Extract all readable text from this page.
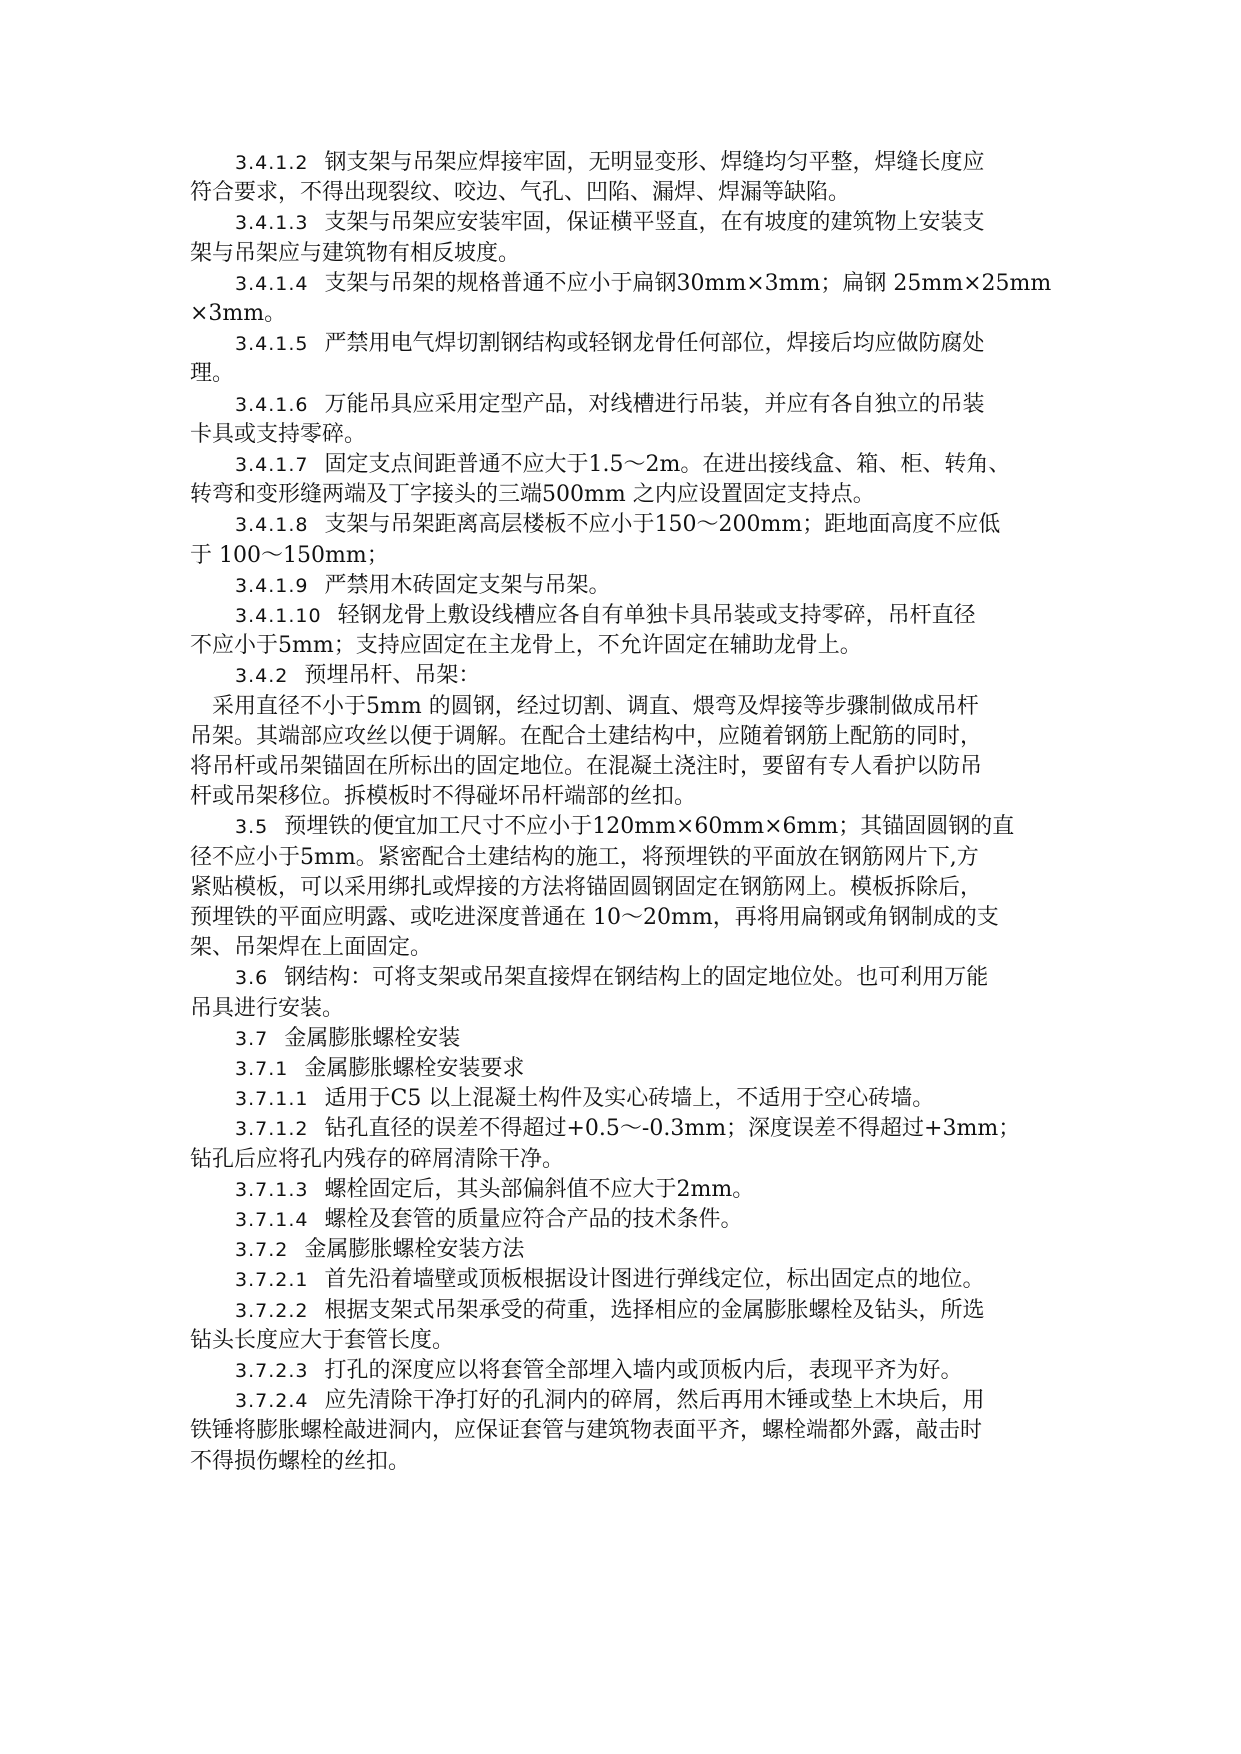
3.4.1.2 钢支架与吊架应焊接牢固，无明显变形、焊缝均匀平整，焊缝长度应
符合要求，不得出现裂纹、咬边、气孔、凹陷、漏焊、焊漏等缺陷。
3.4.1.3 支架与吊架应安装牢固，保证横平竖直，在有坡度的建筑物上安装支
架与吊架应与建筑物有相反坡度。
3.4.1.4 支架与吊架的规格普通不应小于扁钢30mm×3mm；扁钢 25mm×25mm
×3mm。
3.4.1.5 严禁用电气焊切割钢结构或轻钢龙骨任何部位，焊接后均应做防腐处
理。
3.4.1.6 万能吊具应采用定型产品，对线槽进行吊装，并应有各自独立的吊装
卡具或支持零碎。
3.4.1.7 固定支点间距普通不应大于1.5～2m。在进出接线盒、箱、柜、转角、
转弯和变形缝两端及丁字接头的三端500mm 之内应设置固定支持点。
3.4.1.8 支架与吊架距离高层楼板不应小于150～200mm；距地面高度不应低
于 100～150mm；
3.4.1.9 严禁用木砖固定支架与吊架。
3.4.1.10 轻钢龙骨上敷设线槽应各自有单独卡具吊装或支持零碎，吊杆直径
不应小于5mm；支持应固定在主龙骨上，不允许固定在辅助龙骨上。
3.4.2 预埋吊杆、吊架：
　采用直径不小于5mm 的圆钢，经过切割、调直、煨弯及焊接等步骤制做成吊杆
吊架。其端部应攻丝以便于调解。在配合土建结构中，应随着钢筋上配筋的同时，
将吊杆或吊架锚固在所标出的固定地位。在混凝土浇注时，要留有专人看护以防吊
杆或吊架移位。拆模板时不得碰坏吊杆端部的丝扣。
3.5 预埋铁的便宜加工尺寸不应小于120mm×60mm×6mm；其锚固圆钢的直
径不应小于5mm。紧密配合土建结构的施工，将预埋铁的平面放在钢筋网片下,方
紧贴模板，可以采用绑扎或焊接的方法将锚固圆钢固定在钢筋网上。模板拆除后，
预埋铁的平面应明露、或吃进深度普通在 10～20mm，再将用扁钢或角钢制成的支
架、吊架焊在上面固定。
3.6 钢结构：可将支架或吊架直接焊在钢结构上的固定地位处。也可利用万能
吊具进行安装。
3.7 金属膨胀螺栓安装
3.7.1 金属膨胀螺栓安装要求
3.7.1.1 适用于C5 以上混凝土构件及实心砖墙上，不适用于空心砖墙。
3.7.1.2 钻孔直径的误差不得超过+0.5～-0.3mm；深度误差不得超过+3mm；
钻孔后应将孔内残存的碎屑清除干净。
3.7.1.3 螺栓固定后，其头部偏斜值不应大于2mm。
3.7.1.4 螺栓及套管的质量应符合产品的技术条件。
3.7.2 金属膨胀螺栓安装方法
3.7.2.1 首先沿着墙壁或顶板根据设计图进行弹线定位，标出固定点的地位。
3.7.2.2 根据支架式吊架承受的荷重，选择相应的金属膨胀螺栓及钻头，所选
钻头长度应大于套管长度。
3.7.2.3 打孔的深度应以将套管全部埋入墙内或顶板内后，表现平齐为好。
3.7.2.4 应先清除干净打好的孔洞内的碎屑，然后再用木锤或垫上木块后，用
铁锤将膨胀螺栓敲进洞内，应保证套管与建筑物表面平齐，螺栓端都外露，敲击时
不得损伤螺栓的丝扣。
